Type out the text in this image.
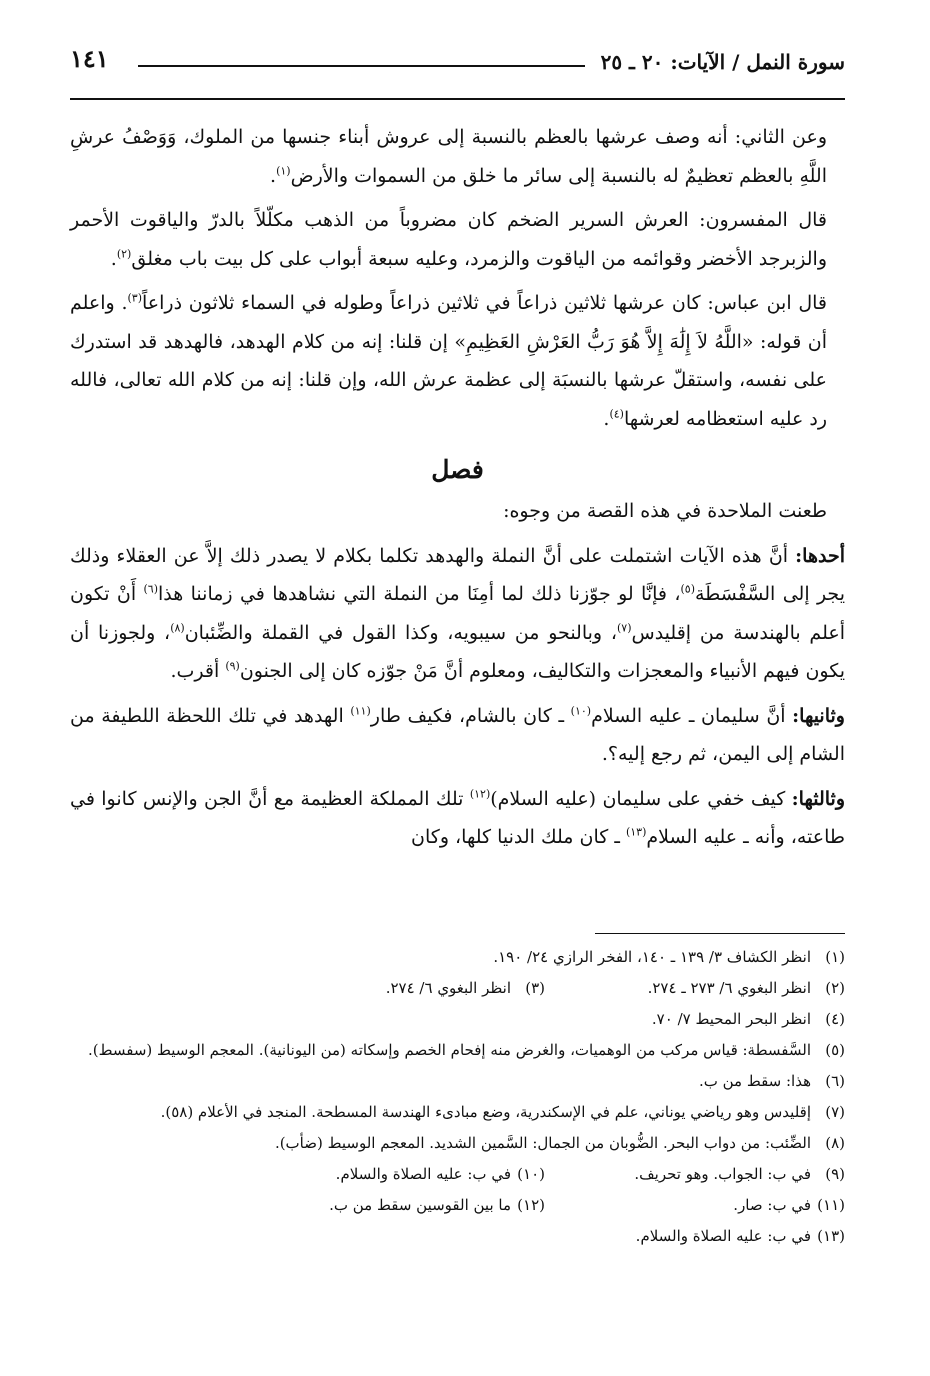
سورة النمل / الآيات: ٢٠ ـ ٢٥
١٤١

وعن الثاني: أنه وصف عرشها بالعظم بالنسبة إلى عروش أبناء جنسها من الملوك، وَوَصْفُ عرشِ اللَّهِ بالعظم تعظيمٌ له بالنسبة إلى سائر ما خلق من السموات والأرض$^{(١)}$.

قال المفسرون: العرش السرير الضخم كان مضروباً من الذهب مكلّلاً بالدرّ والياقوت الأحمر والزبرجد الأخضر وقوائمه من الياقوت والزمرد، وعليه سبعة أبواب على كل بيت باب مغلق$^{(٢)}$.

قال ابن عباس: كان عرشها ثلاثين ذراعاً في ثلاثين ذراعاً وطوله في السماء ثلاثون ذراعاً$^{(٣)}$. واعلم أن قوله: «اللَّهُ لاَ إِلَٰهَ إِلاَّ هُوَ رَبُّ العَرْشِ العَظِيمِ» إن قلنا: إنه من كلام الهدهد، فالهدهد قد استدرك على نفسه، واستقلّ عرشها بالنسبَة إلى عظمة عرش الله، وإن قلنا: إنه من كلام الله تعالى، فالله رد عليه استعظامه لعرشها$^{(٤)}$.

فصل

طعنت الملاحدة في هذه القصة من وجوه:

أحدها: أنَّ هذه الآيات اشتملت على أنَّ النملة والهدهد تكلما بكلام لا يصدر ذلك إلاَّ عن العقلاء وذلك يجر إلى السَّفْسَطَة$^{(٥)}$، فإنَّا لو جوّزنا ذلك لما أمِنَا من النملة التي نشاهدها في زماننا هذا$^{(٦)}$ أَنْ تكون أعلم بالهندسة من إقليدس$^{(٧)}$، وبالنحو من سيبويه، وكذا القول في القملة والضِّئبان$^{(٨)}$، ولجوزنا أن يكون فيهم الأنبياء والمعجزات والتكاليف، ومعلوم أنَّ مَنْ جوّزه كان إلى الجنون$^{(٩)}$ أقرب.

وثانيها: أنَّ سليمان ـ عليه السلام$^{(١٠)}$ ـ كان بالشام، فكيف طار$^{(١١)}$ الهدهد في تلك اللحظة اللطيفة من الشام إلى اليمن، ثم رجع إليه؟.

وثالثها: كيف خفي على سليمان (عليه السلام)$^{(١٢)}$ تلك المملكة العظيمة مع أنَّ الجن والإنس كانوا في طاعته، وأنه ـ عليه السلام$^{(١٣)}$ ـ كان ملك الدنيا كلها، وكان

(١)
انظر الكشاف ٣/ ١٣٩ ـ ١٤٠، الفخر الرازي ٢٤/ ١٩٠.
(٢)
انظر البغوي ٦/ ٢٧٣ ـ ٢٧٤.
(٣)
انظر البغوي ٦/ ٢٧٤.
(٤)
انظر البحر المحيط ٧/ ٧٠.
(٥)
السَّفسطة: قياس مركب من الوهميات، والغرض منه إفحام الخصم وإسكاته (من اليونانية). المعجم الوسيط (سفسط).
(٦)
هذا: سقط من ب.
(٧)
إقليدس وهو رياضي يوناني، علم في الإسكندرية، وضع مبادىء الهندسة المسطحة. المنجد في الأعلام (٥٨).
(٨)
الضِّئب: من دواب البحر. الضُّوبان من الجمال: السَّمين الشديد. المعجم الوسيط (ضأب).
(٩)
في ب: الجواب. وهو تحريف.
(١٠)
في ب: عليه الصلاة والسلام.
(١١)
في ب: صار.
(١٢)
ما بين القوسين سقط من ب.
(١٣)
في ب: عليه الصلاة والسلام.
